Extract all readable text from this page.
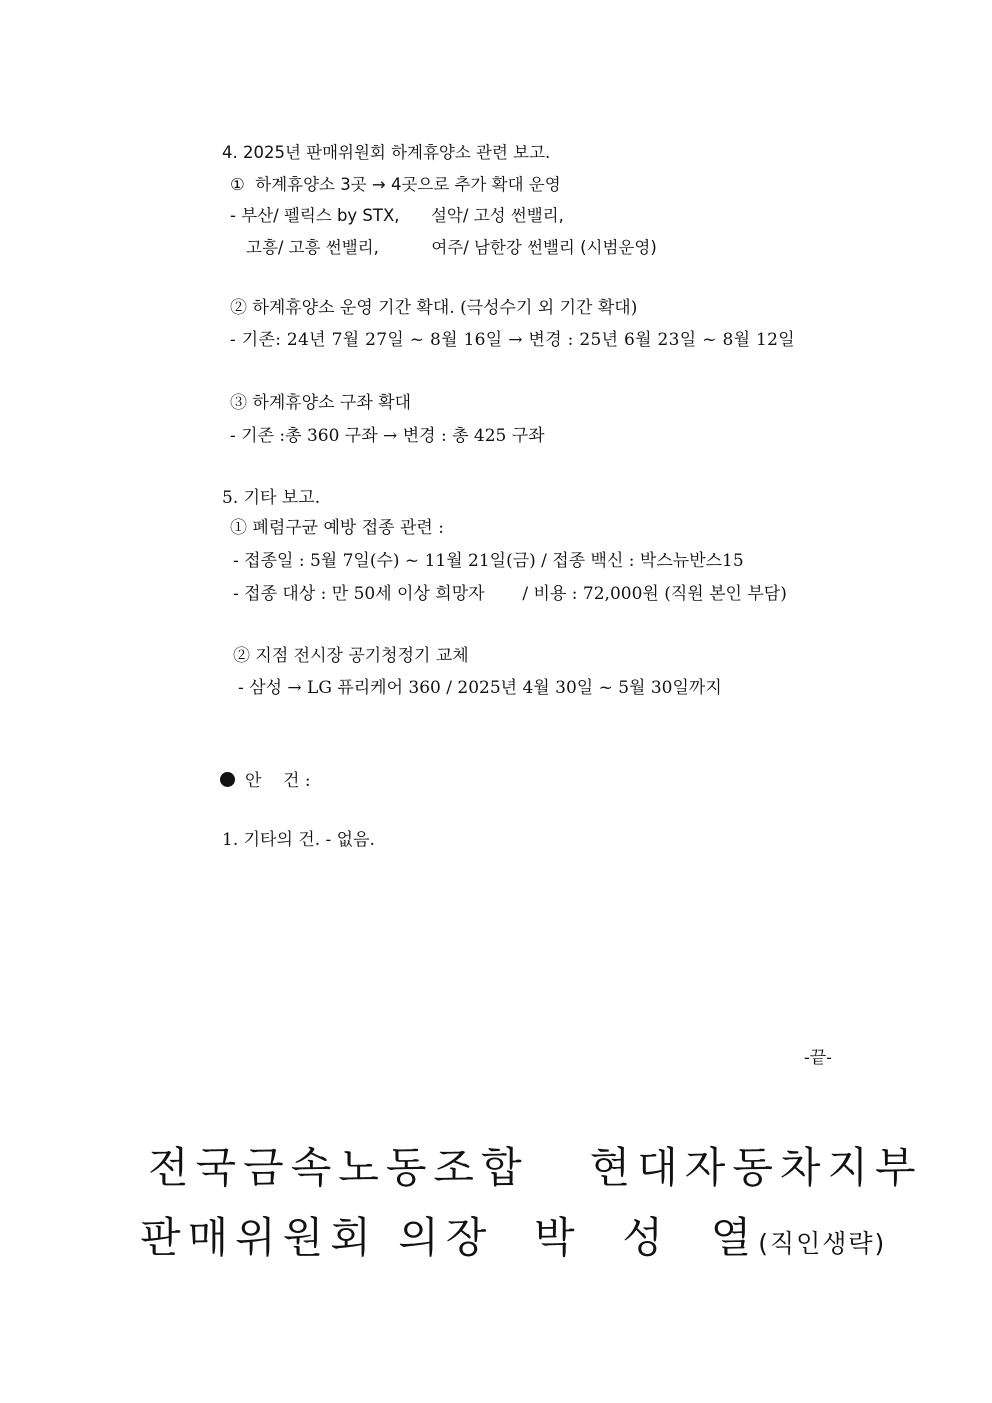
4. 2025년 판매위원회 하계휴양소 관련 보고.
①  하계휴양소 3곳 → 4곳으로 추가 확대 운영
- 부산/ 펠릭스 by STX,      설악/ 고성 썬밸리,
고흥/ 고흥 썬밸리,          여주/ 남한강 썬밸리 (시범운영)
② 하계휴양소 운영 기간 확대. (극성수기 외 기간 확대)
- 기존: 24년 7월 27일 ~ 8월 16일 → 변경 : 25년 6월 23일 ~ 8월 12일
③ 하계휴양소 구좌 확대
- 기존 :총 360 구좌 → 변경 : 총 425 구좌
5. 기타 보고.
① 폐렴구균 예방 접종 관련 :
- 접종일 : 5월 7일(수) ~ 11월 21일(금) / 접종 백신 : 박스뉴반스15
- 접종 대상 : 만 50세 이상 희망자       / 비용 : 72,000원 (직원 본인 부담)
② 지점 전시장 공기청정기 교체
- 삼성 → LG 퓨리케어 360 / 2025년 4월 30일 ~ 5월 30일까지
안    건 :
1. 기타의 건. - 없음.
-끝-
전국금속노동조합   현대자동차지부
판매위원회 의장  박  성  열(직인생략)
